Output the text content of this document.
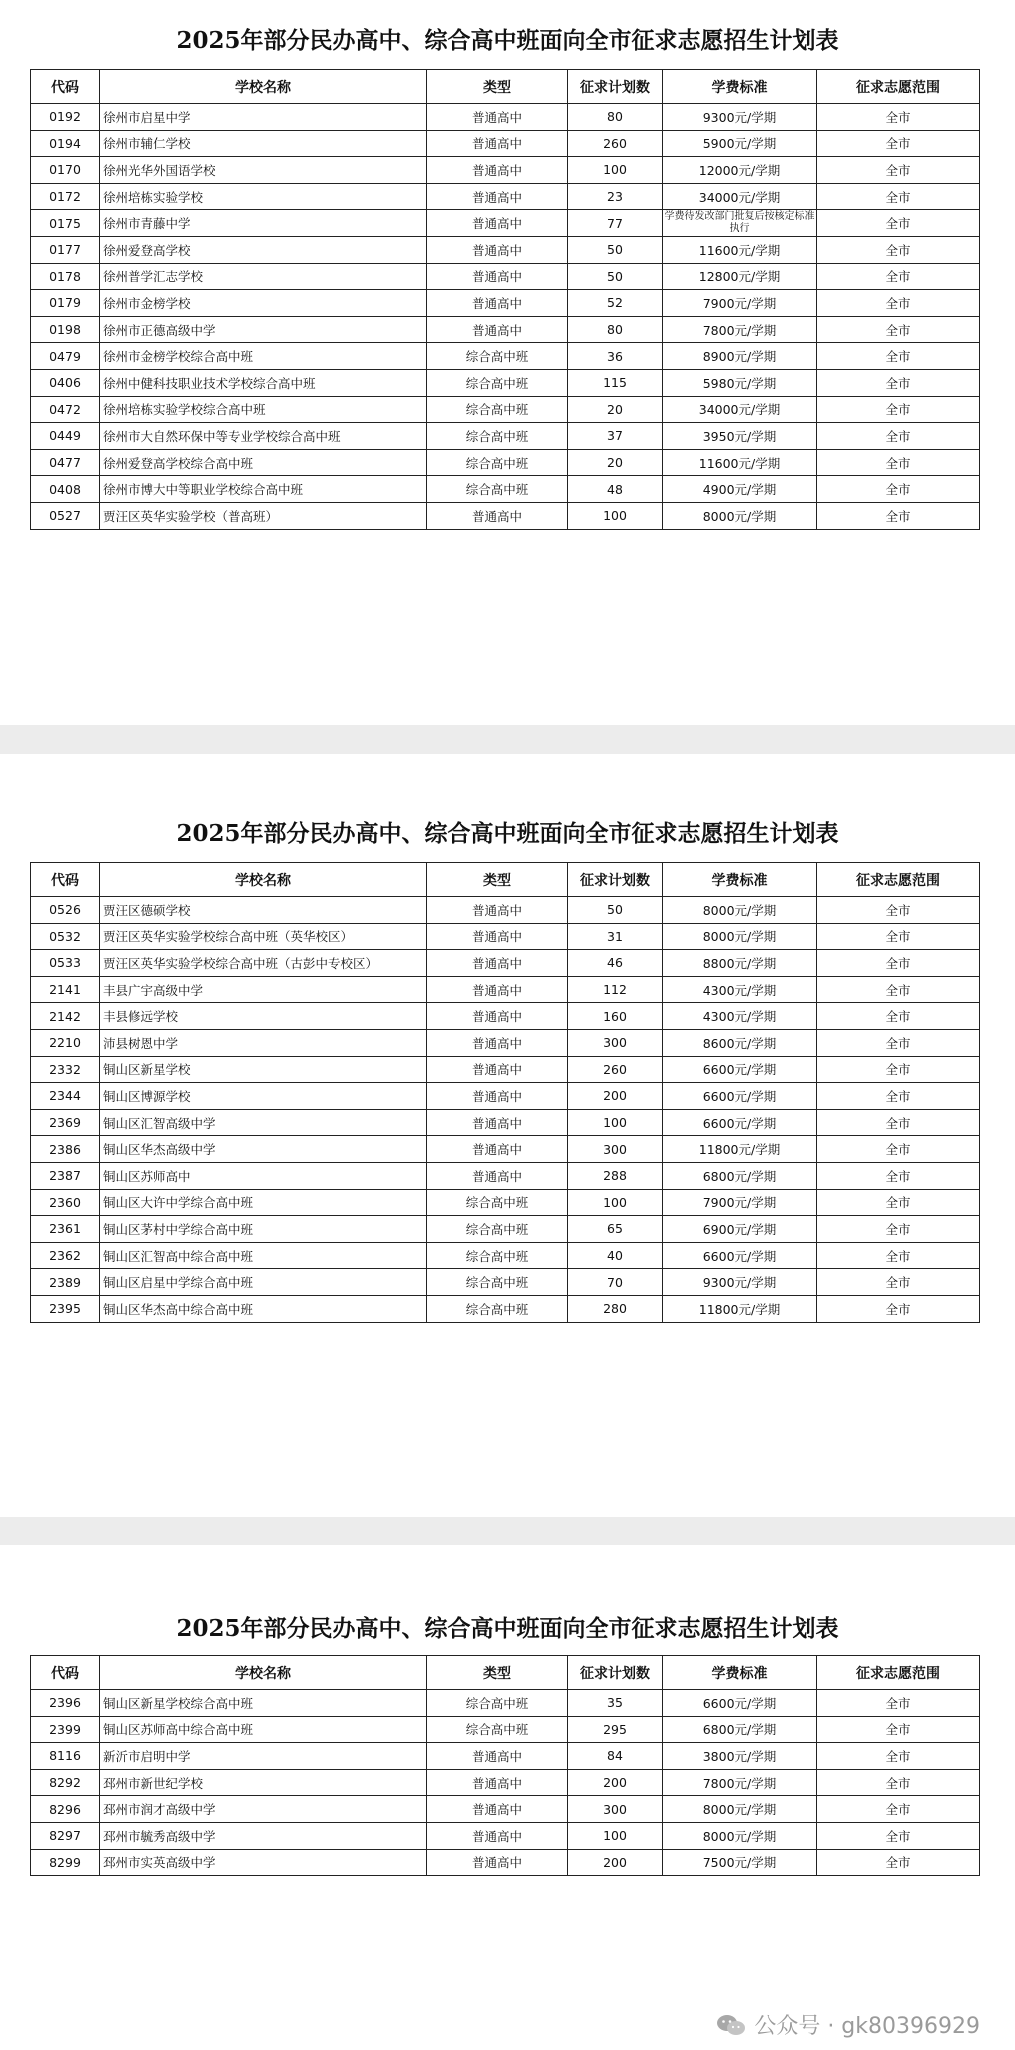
2025年部分民办高中、综合高中班面向全市征求志愿招生计划表
代码	学校名称	类型	征求计划数	学费标准	征求志愿范围
0192	徐州市启星中学	普通高中	80	9300元/学期	全市
0194	徐州市辅仁学校	普通高中	260	5900元/学期	全市
0170	徐州光华外国语学校	普通高中	100	12000元/学期	全市
0172	徐州培栋实验学校	普通高中	23	34000元/学期	全市
0175	徐州市青藤中学	普通高中	77	学费待发改部门批复后按核定标准执行	全市
0177	徐州爱登高学校	普通高中	50	11600元/学期	全市
0178	徐州普学汇志学校	普通高中	50	12800元/学期	全市
0179	徐州市金榜学校	普通高中	52	7900元/学期	全市
0198	徐州市正德高级中学	普通高中	80	7800元/学期	全市
0479	徐州市金榜学校综合高中班	综合高中班	36	8900元/学期	全市
0406	徐州中健科技职业技术学校综合高中班	综合高中班	115	5980元/学期	全市
0472	徐州培栋实验学校综合高中班	综合高中班	20	34000元/学期	全市
0449	徐州市大自然环保中等专业学校综合高中班	综合高中班	37	3950元/学期	全市
0477	徐州爱登高学校综合高中班	综合高中班	20	11600元/学期	全市
0408	徐州市博大中等职业学校综合高中班	综合高中班	48	4900元/学期	全市
0527	贾汪区英华实验学校（普高班）	普通高中	100	8000元/学期	全市
2025年部分民办高中、综合高中班面向全市征求志愿招生计划表
代码	学校名称	类型	征求计划数	学费标准	征求志愿范围
0526	贾汪区德硕学校	普通高中	50	8000元/学期	全市
0532	贾汪区英华实验学校综合高中班（英华校区）	普通高中	31	8000元/学期	全市
0533	贾汪区英华实验学校综合高中班（古彭中专校区）	普通高中	46	8800元/学期	全市
2141	丰县广宇高级中学	普通高中	112	4300元/学期	全市
2142	丰县修远学校	普通高中	160	4300元/学期	全市
2210	沛县树恩中学	普通高中	300	8600元/学期	全市
2332	铜山区新星学校	普通高中	260	6600元/学期	全市
2344	铜山区博源学校	普通高中	200	6600元/学期	全市
2369	铜山区汇智高级中学	普通高中	100	6600元/学期	全市
2386	铜山区华杰高级中学	普通高中	300	11800元/学期	全市
2387	铜山区苏师高中	普通高中	288	6800元/学期	全市
2360	铜山区大许中学综合高中班	综合高中班	100	7900元/学期	全市
2361	铜山区茅村中学综合高中班	综合高中班	65	6900元/学期	全市
2362	铜山区汇智高中综合高中班	综合高中班	40	6600元/学期	全市
2389	铜山区启星中学综合高中班	综合高中班	70	9300元/学期	全市
2395	铜山区华杰高中综合高中班	综合高中班	280	11800元/学期	全市
2025年部分民办高中、综合高中班面向全市征求志愿招生计划表
代码	学校名称	类型	征求计划数	学费标准	征求志愿范围
2396	铜山区新星学校综合高中班	综合高中班	35	6600元/学期	全市
2399	铜山区苏师高中综合高中班	综合高中班	295	6800元/学期	全市
8116	新沂市启明中学	普通高中	84	3800元/学期	全市
8292	邳州市新世纪学校	普通高中	200	7800元/学期	全市
8296	邳州市润才高级中学	普通高中	300	8000元/学期	全市
8297	邳州市毓秀高级中学	普通高中	100	8000元/学期	全市
8299	邳州市实英高级中学	普通高中	200	7500元/学期	全市
公众号 · gk80396929
